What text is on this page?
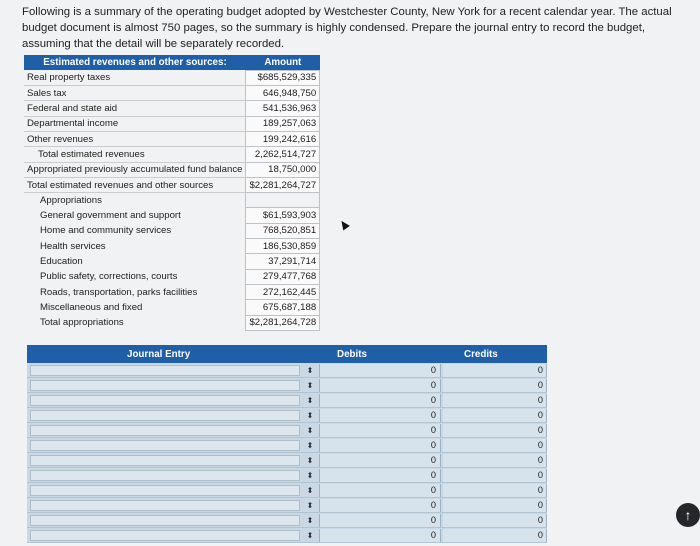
Following is a summary of the operating budget adopted by Westchester County, New York for a recent calendar year. The actual budget document is almost 750 pages, so the summary is highly condensed. Prepare the journal entry to record the budget, assuming that the detail will be separately recorded.

Estimated revenues and other sources:	Amount
Real property taxes	$685,529,335
Sales tax	646,948,750
Federal and state aid	541,536,963
Departmental income	189,257,063
Other revenues	199,242,616
Total estimated revenues	2,262,514,727
Appropriated previously accumulated fund balance	18,750,000
Total estimated revenues and other sources	$2,281,264,727
Appropriations	
General government and support	$61,593,903
Home and community services	768,520,851
Health services	186,530,859
Education	37,291,714
Public safety, corrections, courts	279,477,768
Roads, transportation, parks facilities	272,162,445
Miscellaneous and fixed	675,687,188
Total appropriations	$2,281,264,728
Journal Entry	Debits	Credits
⬍	0	0
⬍	0	0
⬍	0	0
⬍	0	0
⬍	0	0
⬍	0	0
⬍	0	0
⬍	0	0
⬍	0	0
⬍	0	0
⬍	0	0
⬍	0	0
↑
